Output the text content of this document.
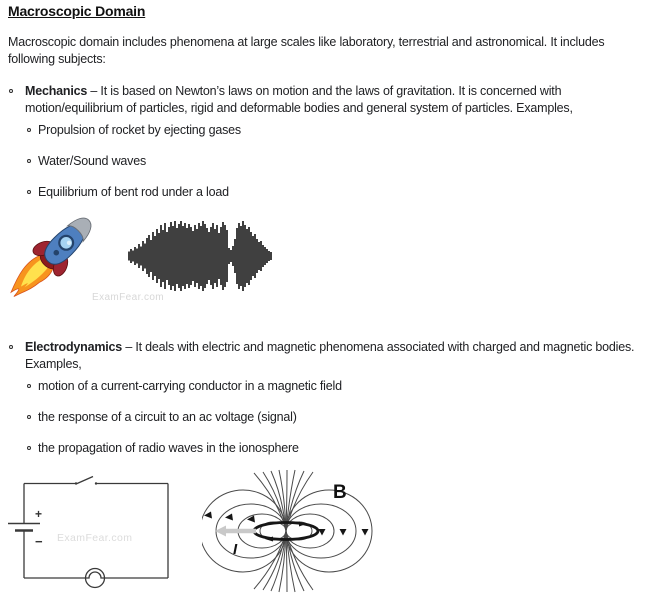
Macroscopic Domain
Macroscopic domain includes phenomena at large scales like laboratory, terrestrial and astronomical. It includes
following subjects:
Mechanics – It is based on Newton’s laws on motion and the laws of gravitation. It is concerned with
motion/equilibrium of particles, rigid and deformable bodies and general system of particles. Examples,
Propulsion of rocket by ejecting gases
Water/Sound waves
Equilibrium of bent rod under a load
ExamFear.com
Electrodynamics – It deals with electric and magnetic phenomena associated with charged and magnetic bodies.
Examples,
motion of a current-carrying conductor in a magnetic field
the response of a circuit to an ac voltage (signal)
the propagation of radio waves in the ionosphere
+
− ExamFear.com
B
I
